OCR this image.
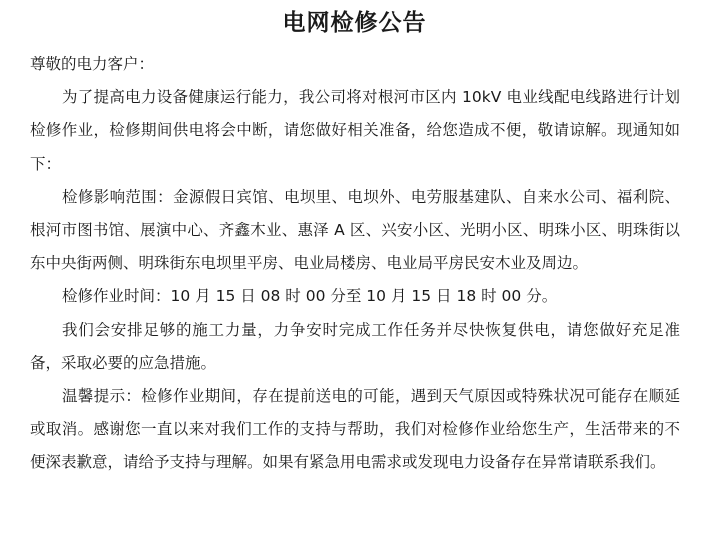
电网检修公告

尊敬的电力客户：

为了提高电力设备健康运行能力，我公司将对根河市区内 10kV 电业线配电线路进行计划检修作业，检修期间供电将会中断，请您做好相关准备，给您造成不便，敬请谅解。现通知如下：

检修影响范围：金源假日宾馆、电坝里、电坝外、电劳服基建队、自来水公司、福利院、根河市图书馆、展演中心、齐鑫木业、惠泽 A 区、兴安小区、光明小区、明珠小区、明珠街以东中央街两侧、明珠街东电坝里平房、电业局楼房、电业局平房民安木业及周边。

检修作业时间：10 月 15 日 08 时 00 分至 10 月 15 日 18 时 00 分。

我们会安排足够的施工力量，力争安时完成工作任务并尽快恢复供电，请您做好充足准备，采取必要的应急措施。

温馨提示：检修作业期间，存在提前送电的可能，遇到天气原因或特殊状况可能存在顺延或取消。感谢您一直以来对我们工作的支持与帮助，我们对检修作业给您生产，生活带来的不便深表歉意，请给予支持与理解。如果有紧急用电需求或发现电力设备存在异常请联系我们。
